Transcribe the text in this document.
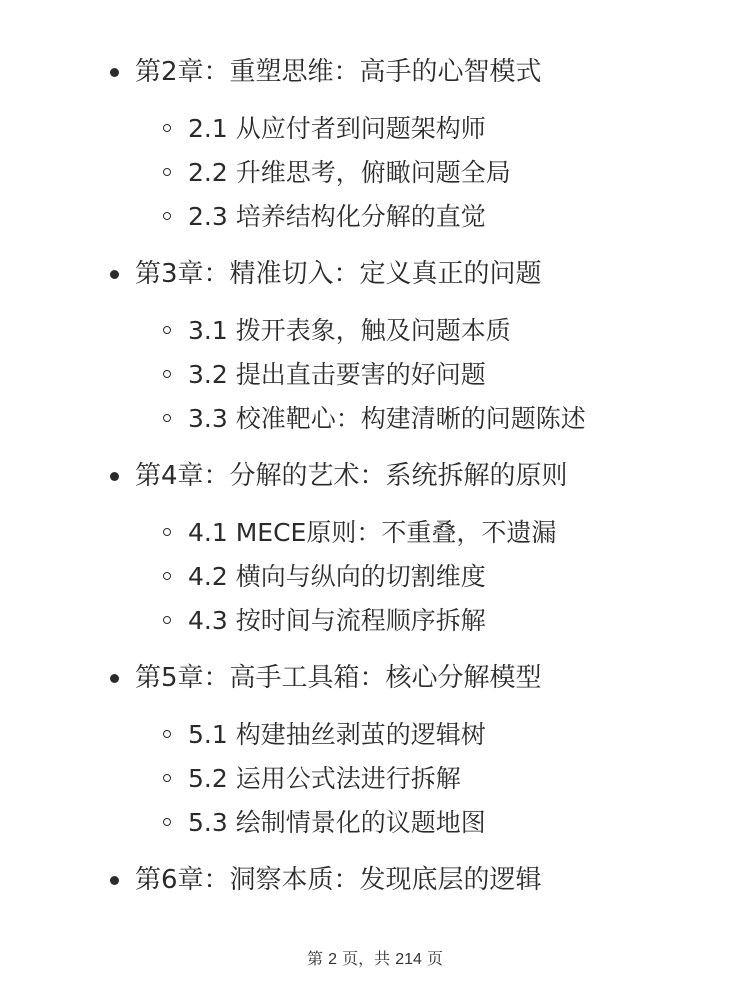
第2章：重塑思维：高手的心智模式
2.1 从应付者到问题架构师
2.2 升维思考，俯瞰问题全局
2.3 培养结构化分解的直觉
第3章：精准切入：定义真正的问题
3.1 拨开表象，触及问题本质
3.2 提出直击要害的好问题
3.3 校准靶心：构建清晰的问题陈述
第4章：分解的艺术：系统拆解的原则
4.1 MECE原则：不重叠，不遗漏
4.2 横向与纵向的切割维度
4.3 按时间与流程顺序拆解
第5章：高手工具箱：核心分解模型
5.1 构建抽丝剥茧的逻辑树
5.2 运用公式法进行拆解
5.3 绘制情景化的议题地图
第6章：洞察本质：发现底层的逻辑
第 2 页，共 214 页
